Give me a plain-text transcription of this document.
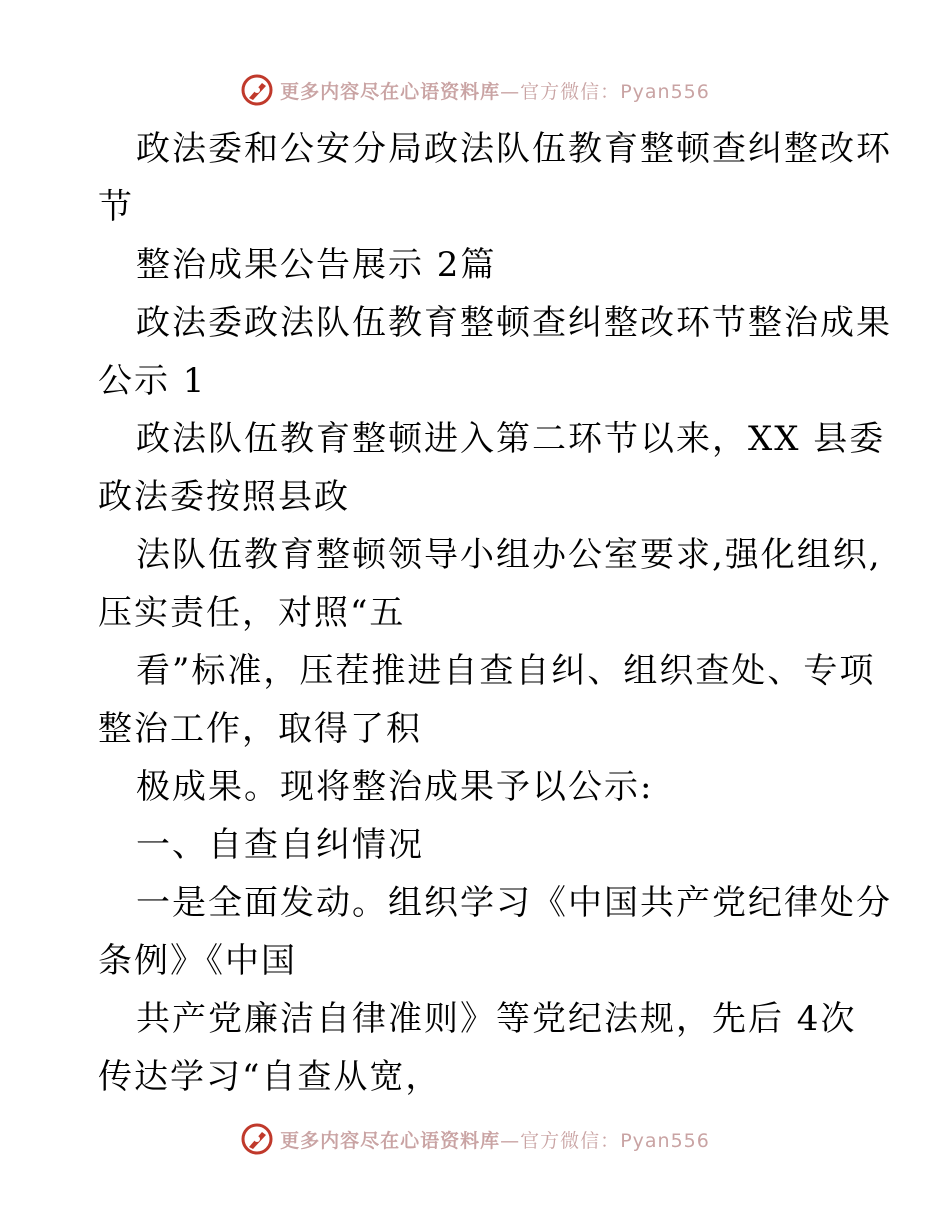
更多内容尽在心语资料库—官方微信：Pyan556
政法委和公安分局政法队伍教育整顿查纠整改环
节
整治成果公告展示 2篇
政法委政法队伍教育整顿查纠整改环节整治成果
公示 1
政法队伍教育整顿进入第二环节以来，XX 县委
政法委按照县政
法队伍教育整顿领导小组办公室要求,强化组织,
压实责任，对照“五
看”标准，压茬推进自查自纠、组织查处、专项
整治工作，取得了积
极成果。现将整治成果予以公示:
一、自查自纠情况
一是全面发动。组织学习《中国共产党纪律处分
条例》《中国
共产党廉洁自律准则》等党纪法规，先后 4次
传达学习“自查从宽，
更多内容尽在心语资料库—官方微信：Pyan556
